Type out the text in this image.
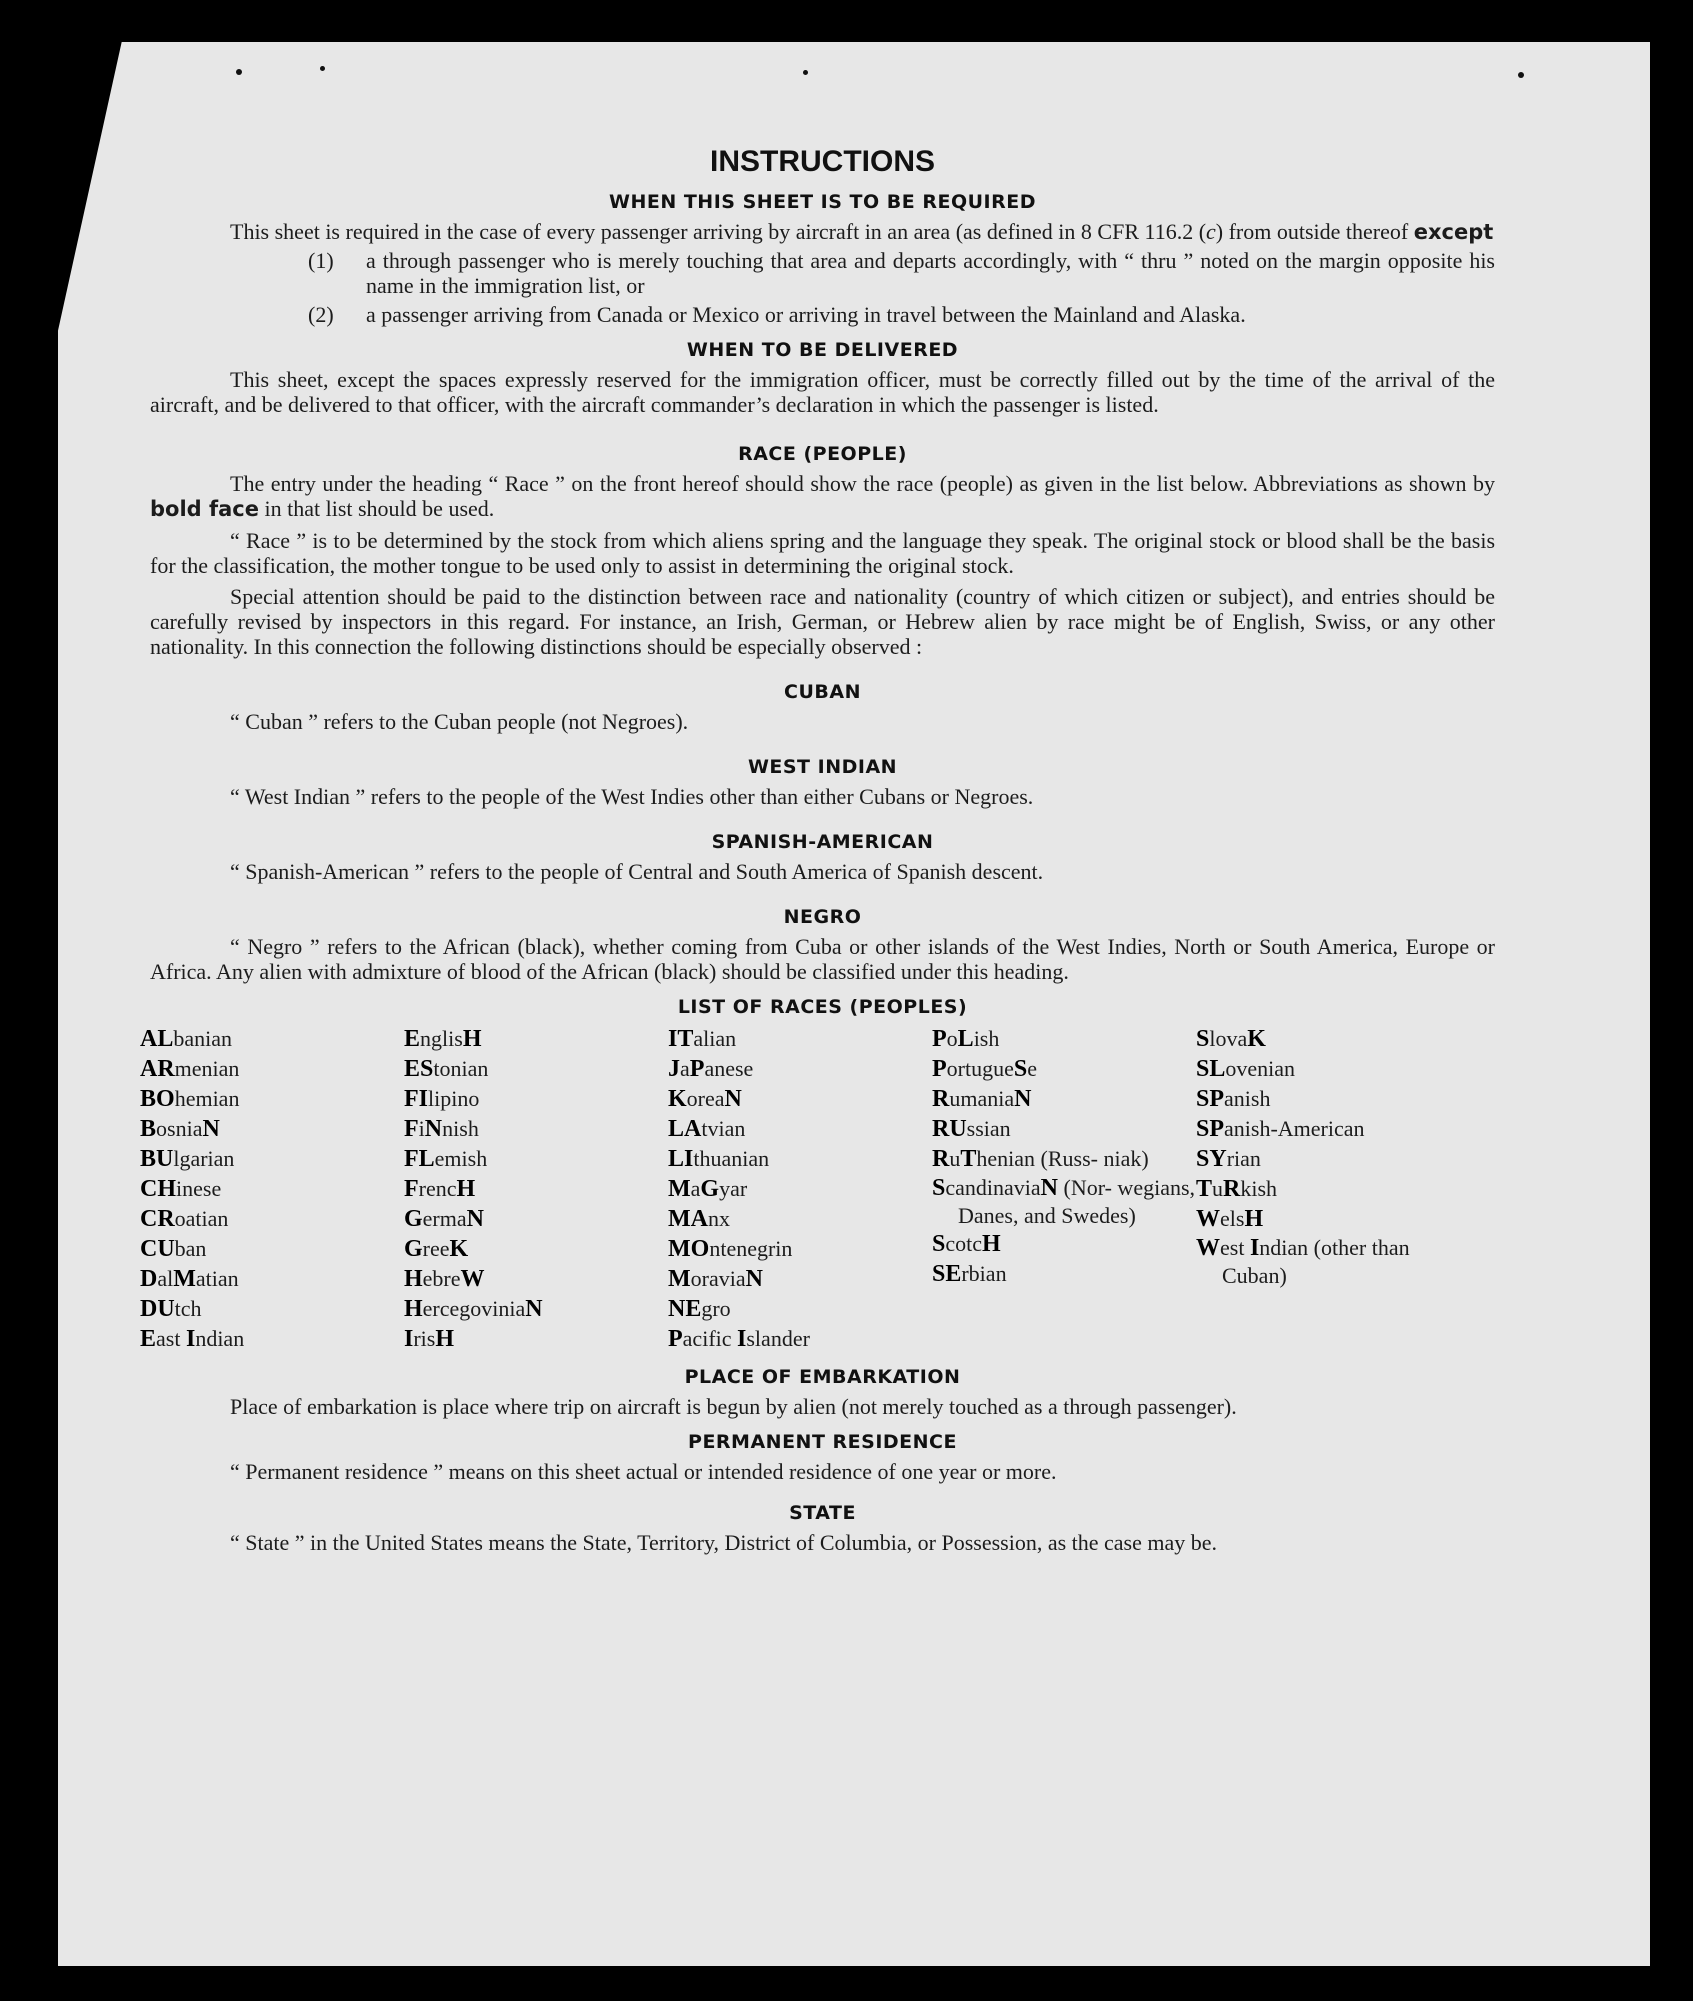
INSTRUCTIONS
WHEN THIS SHEET IS TO BE REQUIRED

This sheet is required in the case of every passenger arriving by aircraft in an area (as defined in 8 CFR 116.2 (c) from outside thereof except

(1)	a through passenger who is merely touching that area and departs accordingly, with “ thru ” noted on the margin opposite his name in the immigration list, or
(2)	a passenger arriving from Canada or Mexico or arriving in travel between the Mainland and Alaska.
WHEN TO BE DELIVERED

This sheet, except the spaces expressly reserved for the immigration officer, must be correctly filled out by the time of the arrival of the aircraft, and be delivered to that officer, with the aircraft commander’s declaration in which the passenger is listed.

RACE (PEOPLE)

The entry under the heading “ Race ” on the front hereof should show the race (people) as given in the list below. Abbreviations as shown by bold face in that list should be used.

“ Race ” is to be determined by the stock from which aliens spring and the language they speak. The original stock or blood shall be the basis for the classification, the mother tongue to be used only to assist in determining the original stock.

Special attention should be paid to the distinction between race and nationality (country of which citizen or subject), and entries should be carefully revised by inspectors in this regard. For instance, an Irish, German, or Hebrew alien by race might be of English, Swiss, or any other nationality. In this connection the following distinctions should be especially observed :

CUBAN

“ Cuban ” refers to the Cuban people (not Negroes).

WEST INDIAN

“ West Indian ” refers to the people of the West Indies other than either Cubans or Negroes.

SPANISH-AMERICAN

“ Spanish-American ” refers to the people of Central and South America of Spanish descent.

NEGRO

“ Negro ” refers to the African (black), whether coming from Cuba or other islands of the West Indies, North or South America, Europe or Africa. Any alien with admixture of blood of the African (black) should be classified under this heading.

LIST OF RACES (PEOPLES)
ALbanian
ARmenian
BOhemian
BosniaN
BUlgarian
CHinese
CRoatian
CUban
DalMatian
DUtch
East Indian
EnglisH
EStonian
FIlipino
FiNnish
FLemish
FrencH
GermaN
GreeK
HebreW
HercegoviniaN
IrisH
ITalian
JaPanese
KoreaN
LAtvian
LIthuanian
MaGyar
MAnx
MOntenegrin
MoraviaN
NEgro
Pacific Islander
PoLish
PortugueSe
RumaniaN
RUssian
RuThenian (Russ- niak)
ScandinaviaN (Nor- wegians, Danes, and Swedes)
ScotcH
SErbian
SlovaK
SLovenian
SPanish
SPanish-American
SYrian
TuRkish
WelsH
West Indian (other than Cuban)
PLACE OF EMBARKATION

Place of embarkation is place where trip on aircraft is begun by alien (not merely touched as a through passenger).

PERMANENT RESIDENCE

“ Permanent residence ” means on this sheet actual or intended residence of one year or more.

STATE

“ State ” in the United States means the State, Territory, District of Columbia, or Possession, as the case may be.
